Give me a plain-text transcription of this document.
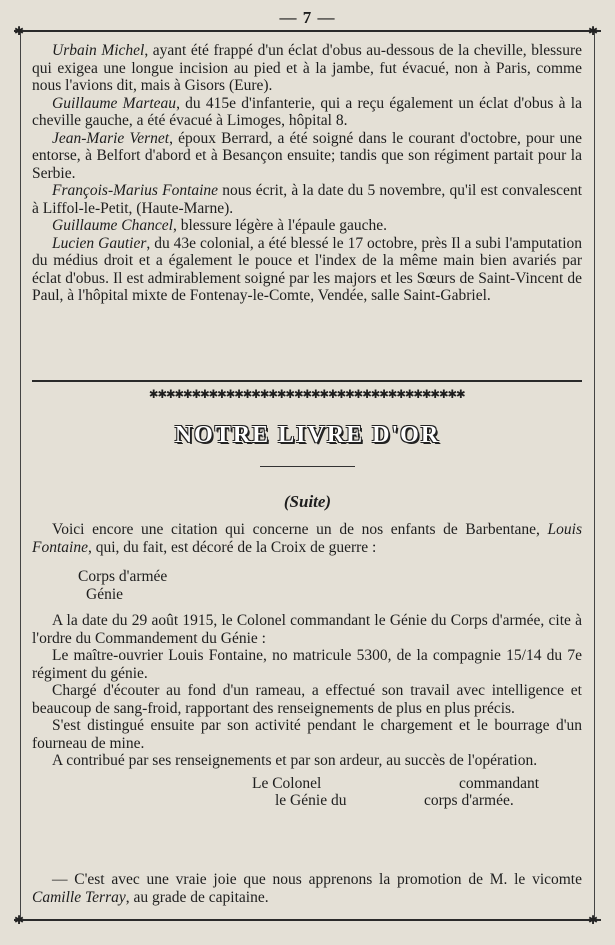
— 7 —
✱	✱
✱	✱

Urbain Michel, ayant été frappé d'un éclat d'obus au-dessous de la cheville, blessure qui exigea une longue incision au pied et à la jambe, fut évacué, non à Paris, comme nous l'avions dit, mais à Gisors (Eure).

Guillaume Marteau, du 415e d'infanterie, qui a reçu également un éclat d'obus à la cheville gauche, a été évacué à Limoges, hôpital 8.

Jean-Marie Vernet, époux Berrard, a été soigné dans le courant d'octobre, pour une entorse, à Belfort d'abord et à Besançon ensuite; tandis que son régiment partait pour la Serbie.

François-Marius Fontaine nous écrit, à la date du 5 novembre, qu'il est convalescent à Liffol-le-Petit, (Haute-Marne).

Guillaume Chancel, blessure légère à l'épaule gauche.

Lucien Gautier, du 43e colonial, a été blessé le 17 octobre, près Il a subi l'amputation du médius droit et a également le pouce et l'index de la même main bien avariés par éclat d'obus. Il est admirablement soigné par les majors et les Sœurs de Saint-Vincent de Paul, à l'hôpital mixte de Fontenay-le-Comte, Vendée, salle Saint-Gabriel.

✱✱✱✱✱✱✱✱✱✱✱✱✱✱✱✱✱✱✱✱✱✱✱✱✱✱✱✱✱✱✱✱✱✱✱✱✱
NOTRE LIVRE D'OR
(Suite)

Voici encore une citation qui concerne un de nos enfants de Barbentane, Louis Fontaine, qui, du fait, est décoré de la Croix de guerre :

Corps d'armée

Génie

A la date du 29 août 1915, le Colonel commandant le Génie du Corps d'armée, cite à l'ordre du Commandement du Génie :

Le maître-ouvrier Louis Fontaine, no matricule 5300, de la compagnie 15/14 du 7e régiment du génie.

Chargé d'écouter au fond d'un rameau, a effectué son travail avec intelligence et beaucoup de sang-froid, rapportant des renseignements de plus en plus précis.

S'est distingué ensuite par son activité pendant le chargement et le bourrage d'un fourneau de mine.

A contribué par ses renseignements et par son ardeur, au succès de l'opération.

Le Colonel
le Génie du
commandant
corps d'armée.

— C'est avec une vraie joie que nous apprenons la promotion de M. le vicomte Camille Terray, au grade de capitaine.
